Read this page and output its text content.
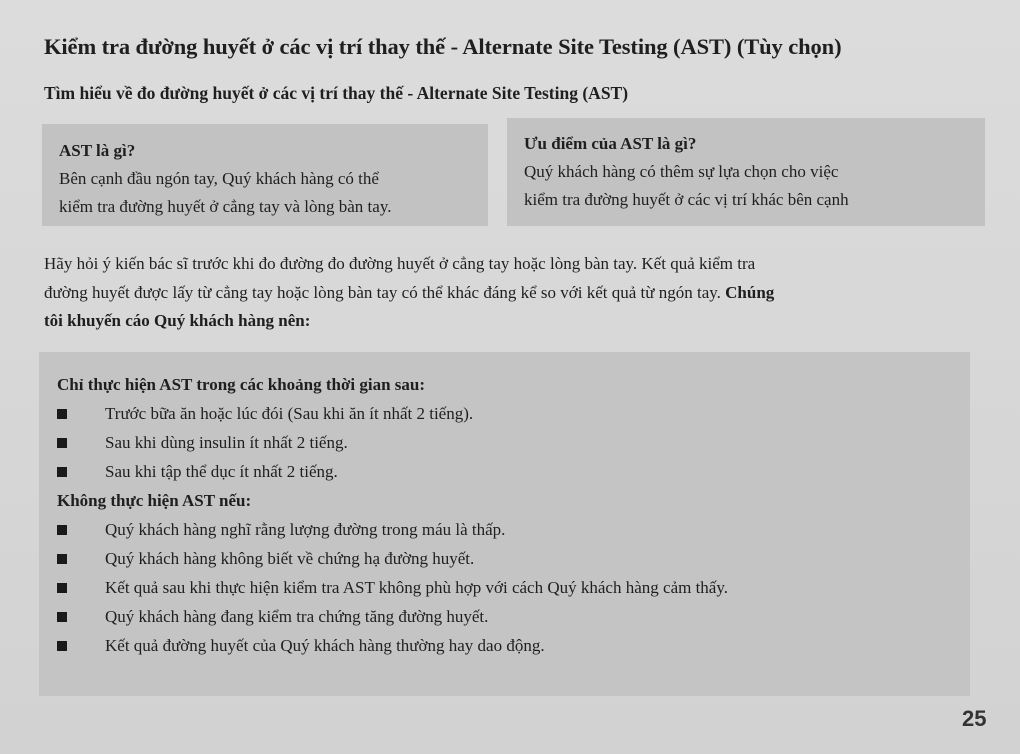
Kiểm tra đường huyết ở các vị trí thay thế - Alternate Site Testing (AST) (Tùy chọn)
Tìm hiểu về đo đường huyết ở các vị trí thay thế - Alternate Site Testing (AST)
AST là gì?
Bên cạnh đầu ngón tay, Quý khách hàng có thể
kiểm tra đường huyết ở cẳng tay và lòng bàn tay.
Ưu điểm của AST là gì?
Quý khách hàng có thêm sự lựa chọn cho việc
kiểm tra đường huyết ở các vị trí khác bên cạnh
Hãy hỏi ý kiến bác sĩ trước khi đo đường đo đường huyết ở cẳng tay hoặc lòng bàn tay. Kết quả kiểm tra
đường huyết được lấy từ cẳng tay hoặc lòng bàn tay có thể khác đáng kể so với kết quả từ ngón tay. Chúng
tôi khuyến cáo Quý khách hàng nên:
Chỉ thực hiện AST trong các khoảng thời gian sau:
Trước bữa ăn hoặc lúc đói (Sau khi ăn ít nhất 2 tiếng).
Sau khi dùng insulin ít nhất 2 tiếng.
Sau khi tập thể dục ít nhất 2 tiếng.
Không thực hiện AST nếu:
Quý khách hàng nghĩ rằng lượng đường trong máu là thấp.
Quý khách hàng không biết về chứng hạ đường huyết.
Kết quả sau khi thực hiện kiểm tra AST không phù hợp với cách Quý khách hàng cảm thấy.
Quý khách hàng đang kiểm tra chứng tăng đường huyết.
Kết quả đường huyết của Quý khách hàng thường hay dao động.
25
